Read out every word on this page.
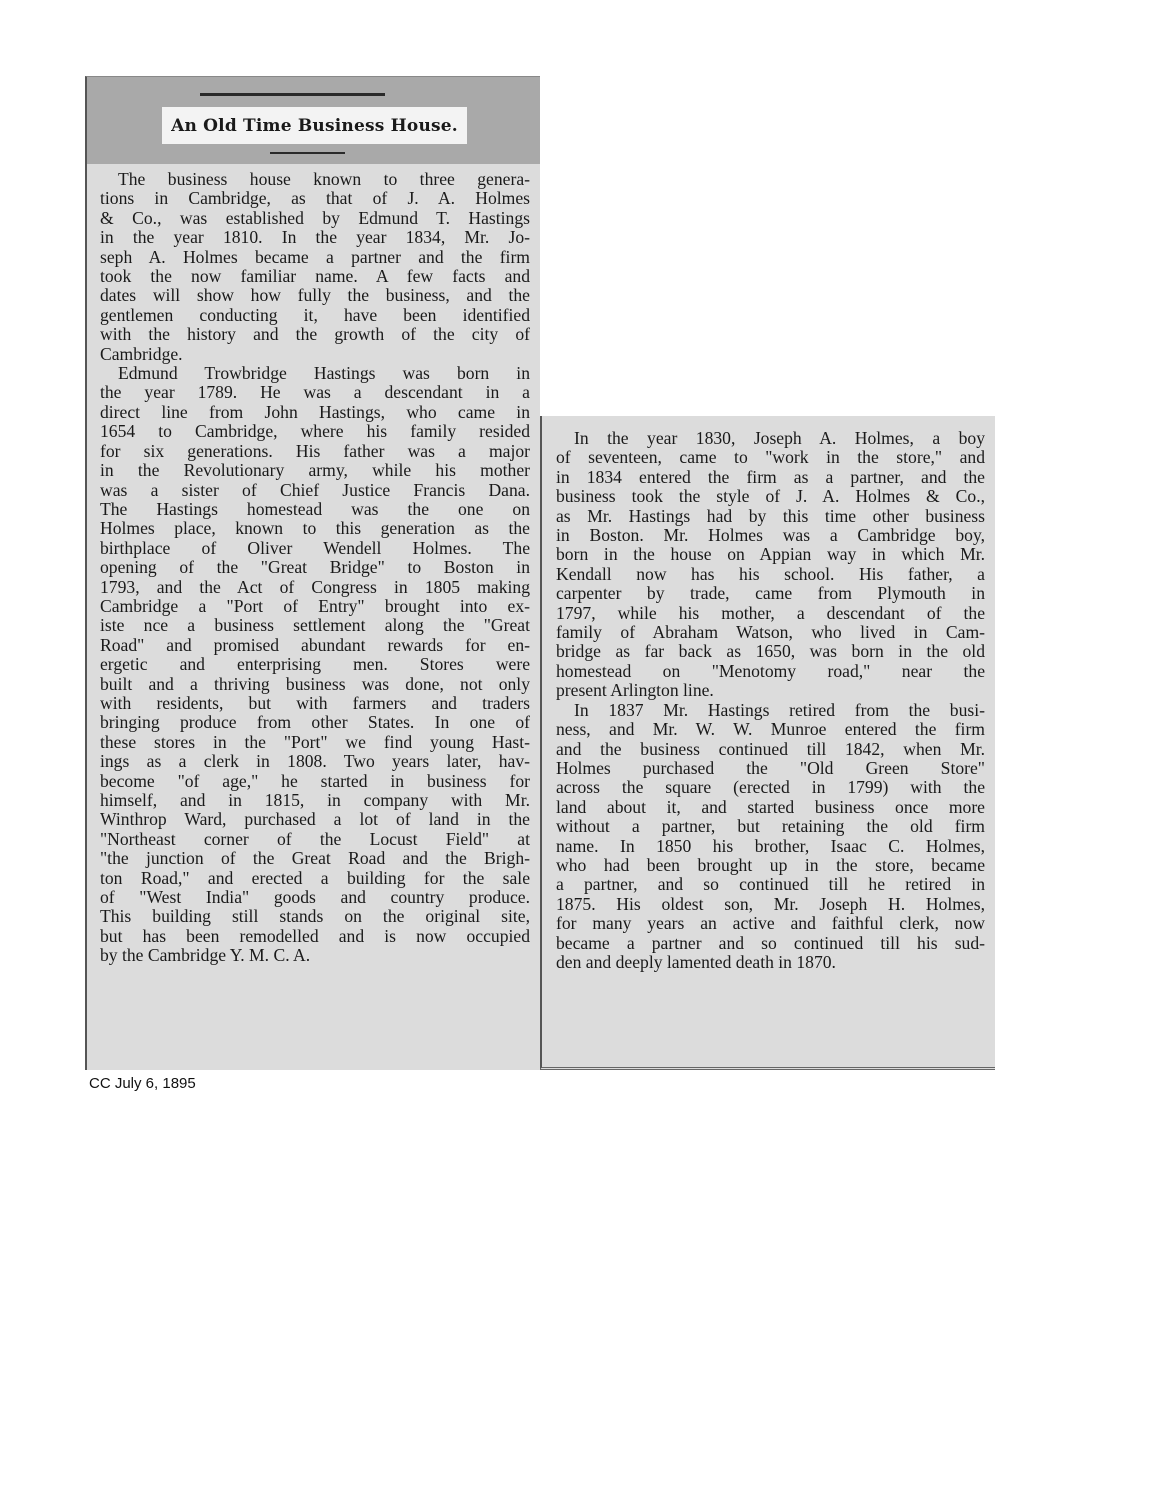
An Old Time Business House.
The business house known to three genera-
tions in Cambridge, as that of J. A. Holmes
& Co., was established by Edmund T. Hastings
in the year 1810. In the year 1834, Mr. Jo-
seph A. Holmes became a partner and the firm
took the now familiar name. A few facts and
dates will show how fully the business, and the
gentlemen conducting it, have been identified
with the history and the growth of the city of
Cambridge.
Edmund Trowbridge Hastings was born in
the year 1789. He was a descendant in a
direct line from John Hastings, who came in
1654 to Cambridge, where his family resided
for six generations. His father was a major
in the Revolutionary army, while his mother
was a sister of Chief Justice Francis Dana.
The Hastings homestead was the one on
Holmes place, known to this generation as the
birthplace of Oliver Wendell Holmes. The
opening of the "Great Bridge" to Boston in
1793, and the Act of Congress in 1805 making
Cambridge a "Port of Entry" brought into ex-
iste nce a business settlement along the "Great
Road" and promised abundant rewards for en-
ergetic and enterprising men. Stores were
built and a thriving business was done, not only
with residents, but with farmers and traders
bringing produce from other States. In one of
these stores in the "Port" we find young Hast-
ings as a clerk in 1808. Two years later, hav-
become "of age," he started in business for
himself, and in 1815, in company with Mr.
Winthrop Ward, purchased a lot of land in the
"Northeast corner of the Locust Field" at
"the junction of the Great Road and the Brigh-
ton Road," and erected a building for the sale
of "West India" goods and country produce.
This building still stands on the original site,
but has been remodelled and is now occupied
by the Cambridge Y. M. C. A.
In the year 1830, Joseph A. Holmes, a boy
of seventeen, came to "work in the store," and
in 1834 entered the firm as a partner, and the
business took the style of J. A. Holmes & Co.,
as Mr. Hastings had by this time other business
in Boston. Mr. Holmes was a Cambridge boy,
born in the house on Appian way in which Mr.
Kendall now has his school. His father, a
carpenter by trade, came from Plymouth in
1797, while his mother, a descendant of the
family of Abraham Watson, who lived in Cam-
bridge as far back as 1650, was born in the old
homestead on "Menotomy road," near the
present Arlington line.
In 1837 Mr. Hastings retired from the busi-
ness, and Mr. W. W. Munroe entered the firm
and the business continued till 1842, when Mr.
Holmes purchased the "Old Green Store"
across the square (erected in 1799) with the
land about it, and started business once more
without a partner, but retaining the old firm
name. In 1850 his brother, Isaac C. Holmes,
who had been brought up in the store, became
a partner, and so continued till he retired in
1875. His oldest son, Mr. Joseph H. Holmes,
for many years an active and faithful clerk, now
became a partner and so continued till his sud-
den and deeply lamented death in 1870.
CC July 6, 1895
